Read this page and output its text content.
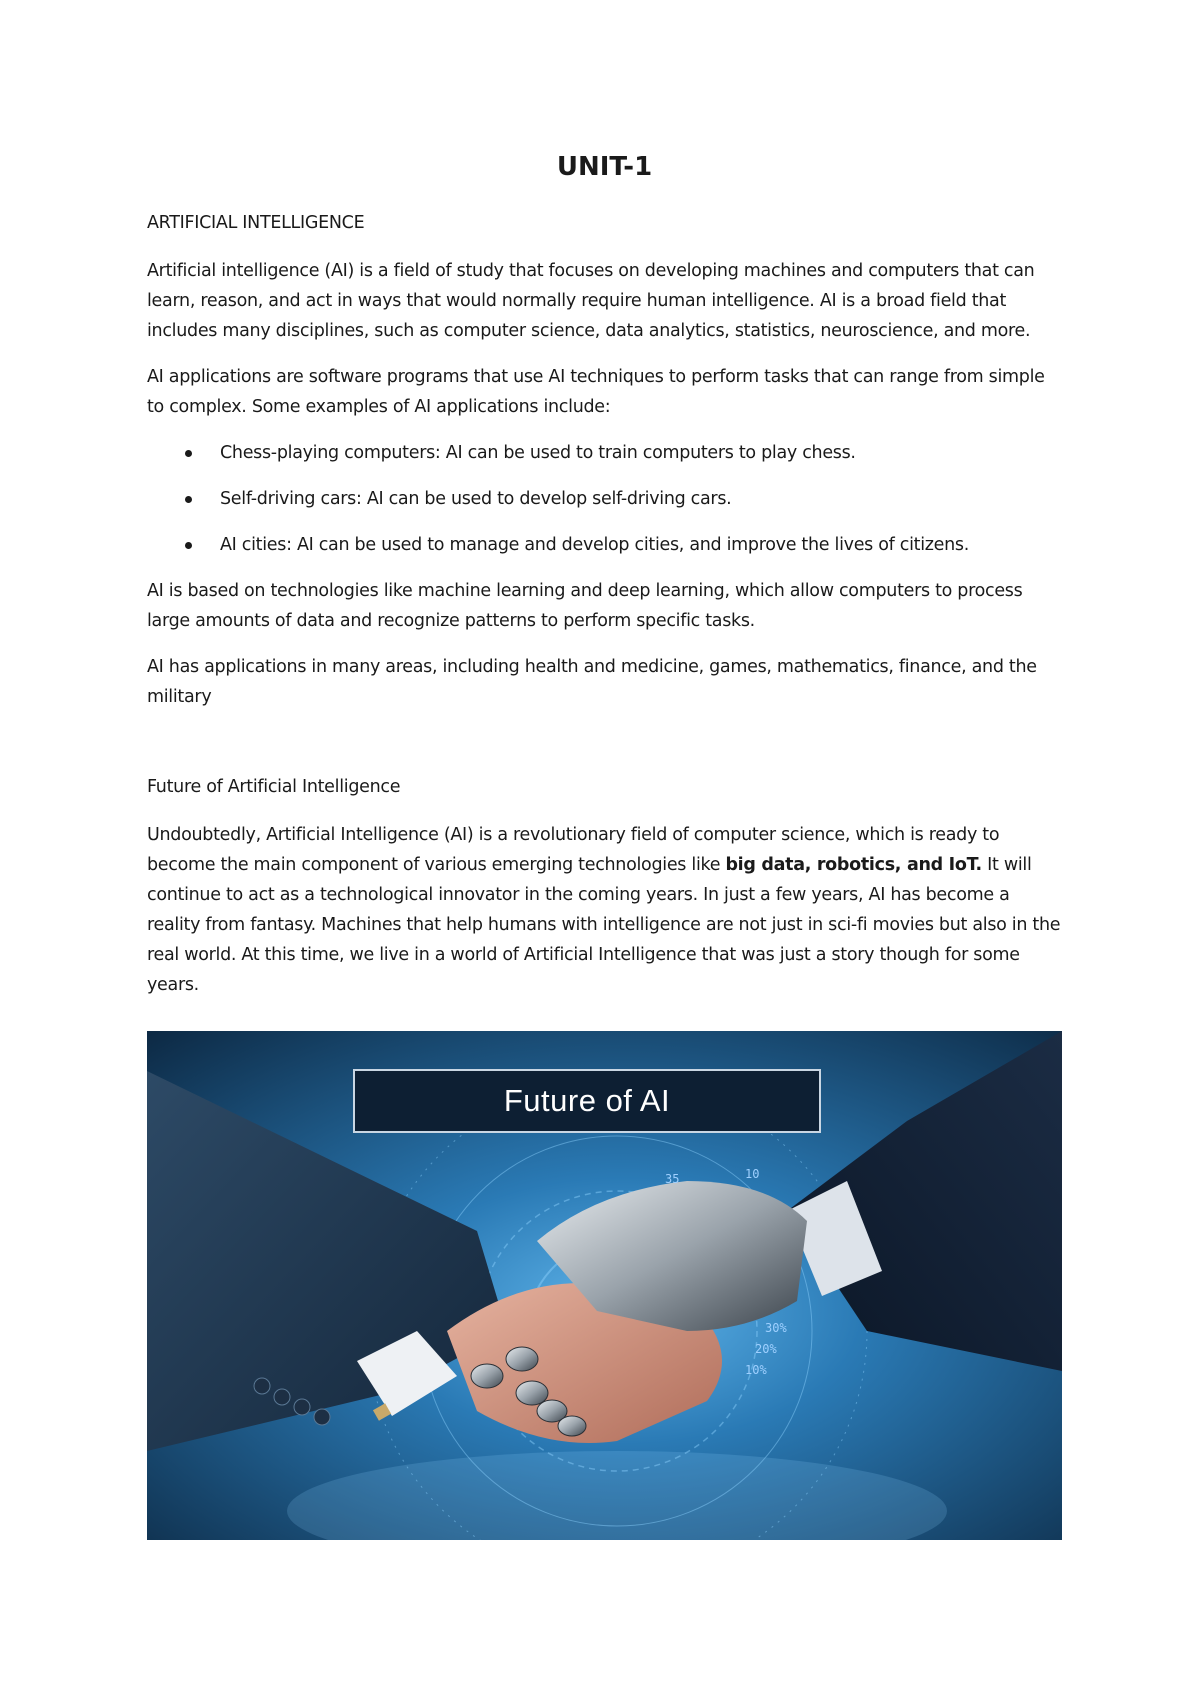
UNIT-1
ARTIFICIAL INTELLIGENCE

Artificial intelligence (AI) is a field of study that focuses on developing machines and computers that can learn, reason, and act in ways that would normally require human intelligence. AI is a broad field that includes many disciplines, such as computer science, data analytics, statistics, neuroscience, and more.

AI applications are software programs that use AI techniques to perform tasks that can range from simple to complex. Some examples of AI applications include:

Chess-playing computers: AI can be used to train computers to play chess.
Self-driving cars: AI can be used to develop self-driving cars.
AI cities: AI can be used to manage and develop cities, and improve the lives of citizens.

AI is based on technologies like machine learning and deep learning, which allow computers to process large amounts of data and recognize patterns to perform specific tasks.

AI has applications in many areas, including health and medicine, games, mathematics, finance, and the military

Future of Artificial Intelligence

Undoubtedly, Artificial Intelligence (AI) is a revolutionary field of computer science, which is ready to become the main component of various emerging technologies like big data, robotics, and IoT. It will continue to act as a technological innovator in the coming years. In just a few years, AI has become a reality from fantasy. Machines that help humans with intelligence are not just in sci-fi movies but also in the real world. At this time, we live in a world of Artificial Intelligence that was just a story though for some years.

Future of AI
35	10
30%
20%
10%
